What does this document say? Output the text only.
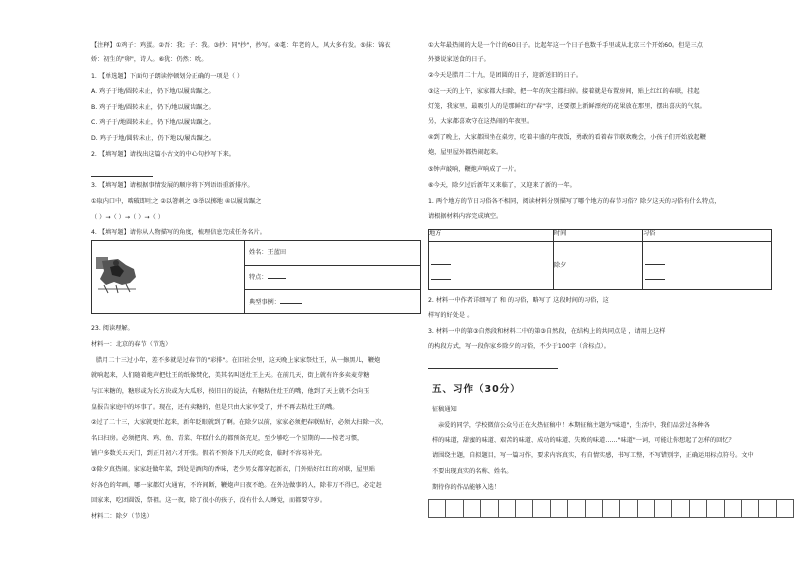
【注释】①鸡子：鸡蛋。②吾：我；子：我。③抄：同"抄"，抄写。④耄：年老的人，风大多有发。⑤抹：锦衣
娇：初生的"卵"，诗人。⑥犹：仍然：吮。
1. 【单选题】下面句子朗读停顿划分正确的一项是（ ）
A. 鸡子于地/圆转未止，仍下地/以履齿蹍之。
B. 鸡子于地/圆转未止，仍下/地以履齿蹍之。
C. 鸡子于/地圆转未止，仍下地/以履齿蹍之。
D. 鸡子于地/圆转未止，仍下地以/履齿蹍之。
2. 【填写题】请找出这篇小古文的中心句抄写下来。
3. 【填写题】请根据事情发展的顺序将下列语语重新排序。
①取内口中，啮破即吐之 ②以箸刺之 ③举以掷地 ④以履齿蹍之
（ ）→（ ）→（ ）→（ ）
4. 【填写题】请你从人物描写的角度，梳理信息完成任务名片。
姓名：王蓝田
特点：
典型事例：
23. 阅读理解。
材料一：北京的春节（节选）
腊月二十三过小年，差不多就是过春节的"彩排"。在旧社会里，这天晚上家家祭灶王，从一擦黑儿，鞭炮
就响起来，人们随着炮声把灶王的纸像焚化，美其名叫送灶王上天。在前几天，街上就有许多卖麦芽糖
与江米糖的，糖形或为长方块或为大瓜形，按旧日的说法，有糖粘住灶王的嘴，他到了天上就不会向玉
皇报告家庭中的坏事了。现在，还有卖糖的，但是只由大家享受了，并不再去粘灶王的嘴。
②过了二十三，大家就更忙起来，新年眨眼就到了啊。在除夕以前，家家必须把春联贴好，必须大扫除一次，
名曰扫房。必须把肉、鸡、鱼、青菜、年糕什么的都预备充足，至少够吃一个星期的——按老习惯，
铺户多数关五天门，到正月初六才开张。假若不预备下几天的吃食，临时不容易补充。
③除夕真热闹。家家赶做年菜，到处是酒肉的香味，老少男女都穿起新衣，门外贴好红红的对联，屋里贴
好各色的年画，哪一家都灯火通宵，不许间断，鞭炮声日夜不绝。在外边做事的人，除非万不得已，必定赶
回家来，吃团圆饭，祭祖。这一夜，除了很小的孩子，没有什么人睡觉，而都要守岁。
材料二：除夕（节选）
①大年最热闹的大是一个计的60日子。比起年这一个日子也数千手里或从北京三个开始60。但是三点
外婆说家送食的日子。
②今天是腊月二十九，是团圆的日子，迎新送旧的日子。
③这一天的上午，家家都大扫除，把一年的灰尘都扫掉。接着就是布置房间，贴上红红的春联，挂起
灯笼，我家里，最吸引人的是那鲜红的"春"字，还要摆上新鲜漂亮的花果放在那里，摆出喜庆的气氛。
另，大家都喜欢守在这热闹的年夜里。
④到了晚上，大家都围坐在桌旁，吃着丰盛的年夜饭，勇敢的看着春节联欢晚会，小孩子们开始放起鞭
炮，屋里屋外都热闹起来。
⑤钟声敲响，鞭炮声响成了一片。
⑥今天，除夕过后新年又来临了，又迎来了新的一年。
1. 两个地方的节日习俗各不相同，阅读材料分别描写了哪个地方的春节习俗？除夕这天的习俗有什么特点，
请根据材料内容完成填空。
地方	时间	习俗

	除夕	

2. 材料一中作者详细写了 和 的习俗，略写了 这段时间的习俗，这
样写的好处是 。
3. 材料一中的第③自然段和材料二中的第③自然段，在结构上的共同点是 ，请用上这样
的构段方式，写一段你家乡除夕的习俗，不少于100字（含标点）。
五、习作（30分）
征稿通知
亲爱的同学，学校微信公众号正在火热征稿中！本期征稿主题为"味道"，生活中，我们品尝过各种各
样的味道，甜蜜的味道、艰苦的味道、成功的味道、失败的味道……"味道"一词，可能让你想起了怎样的回忆？
请围绕主题，自拟题目，写一篇习作，要求内容真实，有自情实感，书写工整，不写错别字，正确运用标点符号。文中
不要出现真实的名称、姓名。
期待你的作品能够入选！
